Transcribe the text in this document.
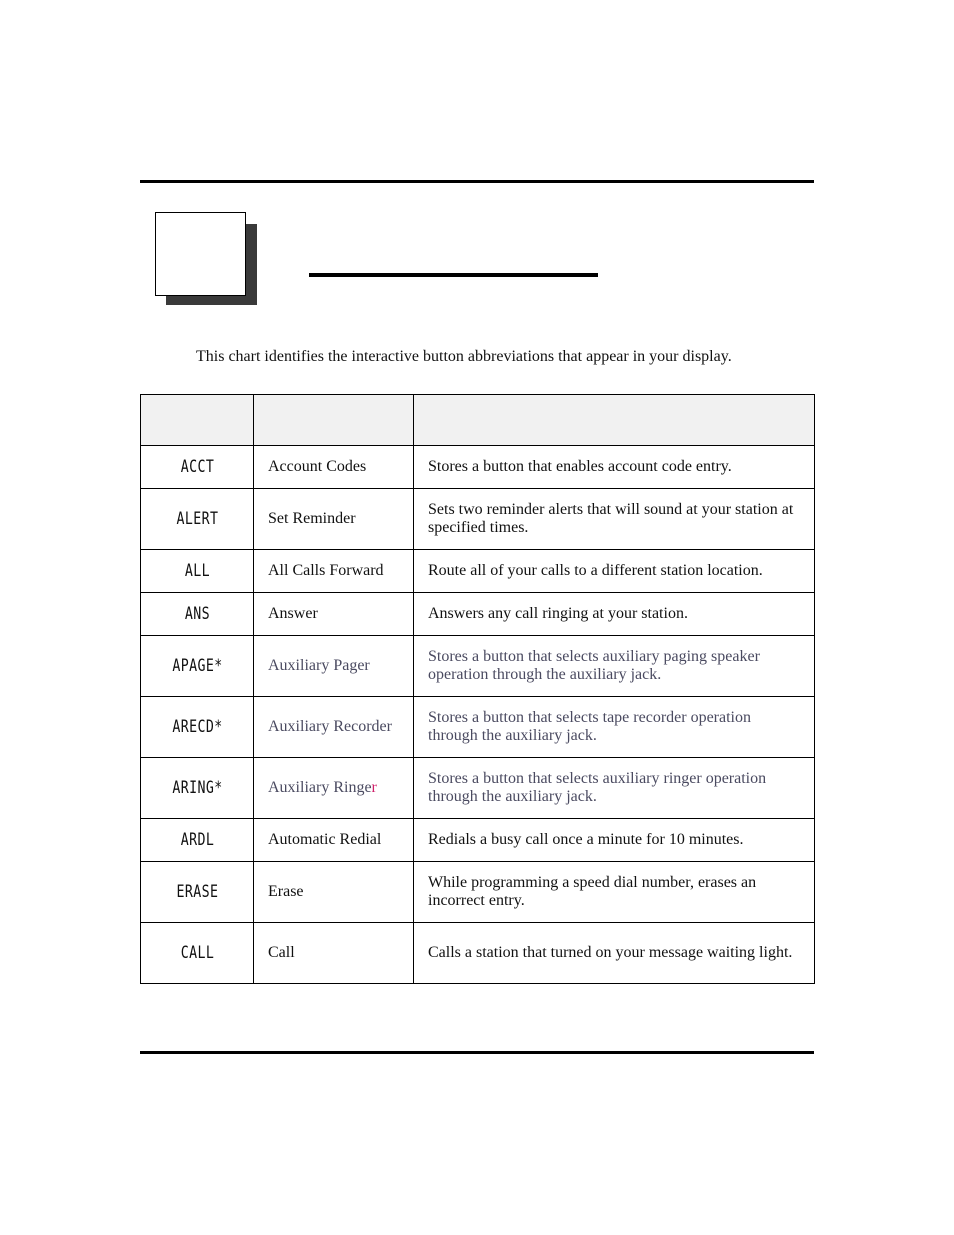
This chart identifies the interactive button abbreviations that appear in your display.

ACCT	Account Codes	Stores a button that enables account code entry.
ALERT	Set Reminder	Sets two reminder alerts that will sound at your station at specified times.
ALL	All Calls Forward	Route all of your calls to a different station location.
ANS	Answer	Answers any call ringing at your station.
APAGE*	Auxiliary Pager	Stores a button that selects auxiliary paging speaker operation through the auxiliary jack.
ARECD*	Auxiliary Recorder	Stores a button that selects tape recorder operation through the auxiliary jack.
ARING*	Auxiliary Ringer	Stores a button that selects auxiliary ringer operation through the auxiliary jack.
ARDL	Automatic Redial	Redials a busy call once a minute for 10 minutes.
ERASE	Erase	While programming a speed dial number, erases an incorrect entry.
CALL	Call	Calls a station that turned on your message waiting light.
